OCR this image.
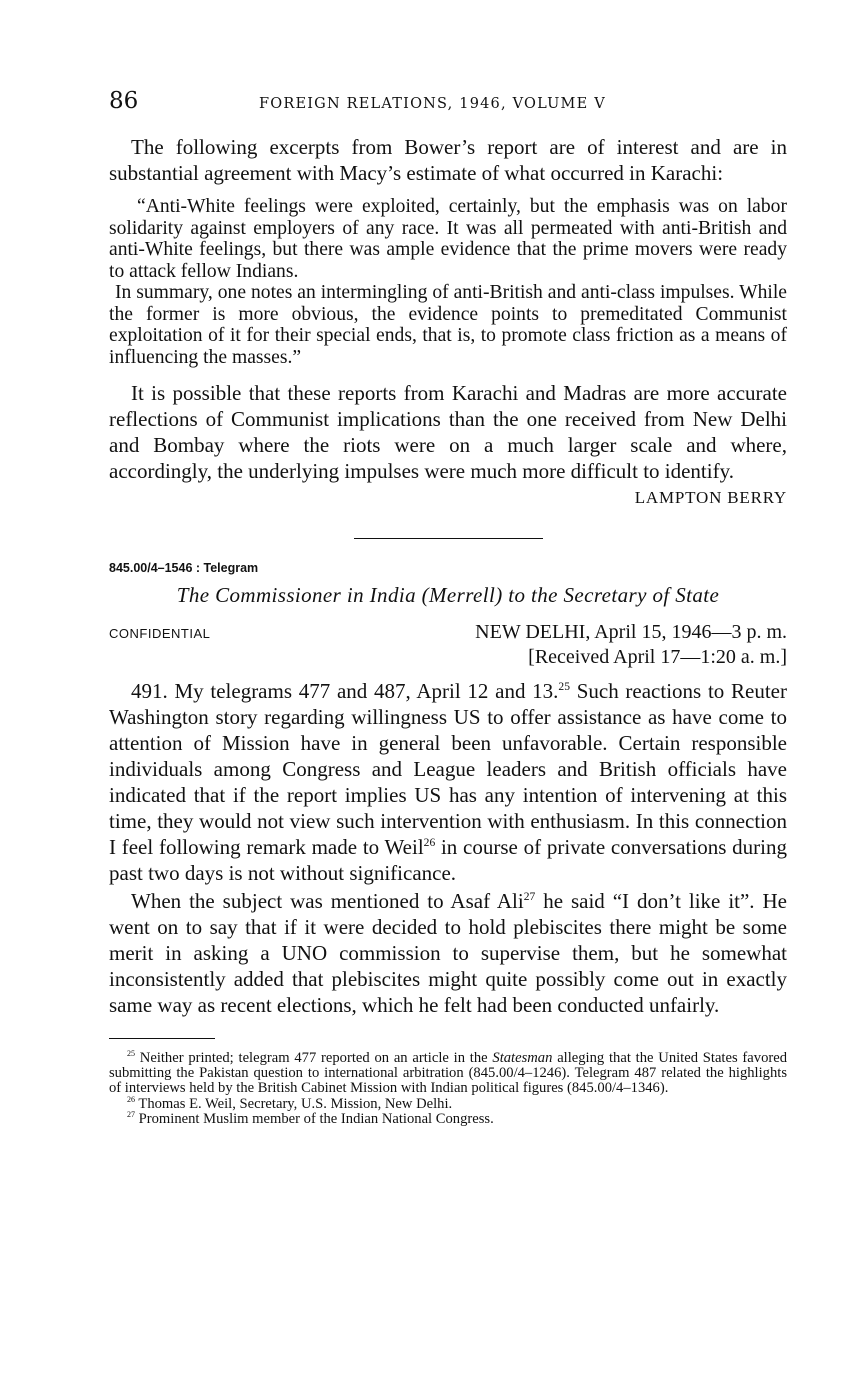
86	FOREIGN RELATIONS, 1946, VOLUME V

The following excerpts from Bower’s report are of interest and are in substantial agreement with Macy’s estimate of what occurred in Karachi:

“Anti-White feelings were exploited, certainly, but the emphasis was on labor solidarity against employers of any race. It was all permeated with anti-British and anti-White feelings, but there was ample evidence that the prime movers were ready to attack fellow Indians.

In summary, one notes an intermingling of anti-British and anti-class impulses. While the former is more obvious, the evidence points to premeditated Communist exploitation of it for their special ends, that is, to promote class friction as a means of influencing the masses.”

It is possible that these reports from Karachi and Madras are more accurate reflections of Communist implications than the one received from New Delhi and Bombay where the riots were on a much larger scale and where, accordingly, the underlying impulses were much more difficult to identify.

LAMPTON BERRY
845.00/4–1546 : Telegram
The Commissioner in India (Merrell) to the Secretary of State
CONFIDENTIAL	NEW DELHI, April 15, 1946—3 p. m.
[Received April 17—1:20 a. m.]

491. My telegrams 477 and 487, April 12 and 13.25 Such reactions to Reuter Washington story regarding willingness US to offer assistance as have come to attention of Mission have in general been unfavorable. Certain responsible individuals among Congress and League leaders and British officials have indicated that if the report implies US has any intention of intervening at this time, they would not view such intervention with enthusiasm. In this connection I feel following remark made to Weil$^{26}$ in course of private conversations during past two days is not without significance.

When the subject was mentioned to Asaf Ali$^{27}$ he said “I don’t like it”. He went on to say that if it were decided to hold plebiscites there might be some merit in asking a UNO commission to supervise them, but he somewhat inconsistently added that plebiscites might quite possibly come out in exactly same way as recent elections, which he felt had been conducted unfairly.

$^{25}$ Neither printed; telegram 477 reported on an article in the Statesman alleging that the United States favored submitting the Pakistan question to international arbitration (845.00/4–1246). Telegram 487 related the highlights of interviews held by the British Cabinet Mission with Indian political figures (845.00/4–1346).

$^{26}$ Thomas E. Weil, Secretary, U.S. Mission, New Delhi.

$^{27}$ Prominent Muslim member of the Indian National Congress.
